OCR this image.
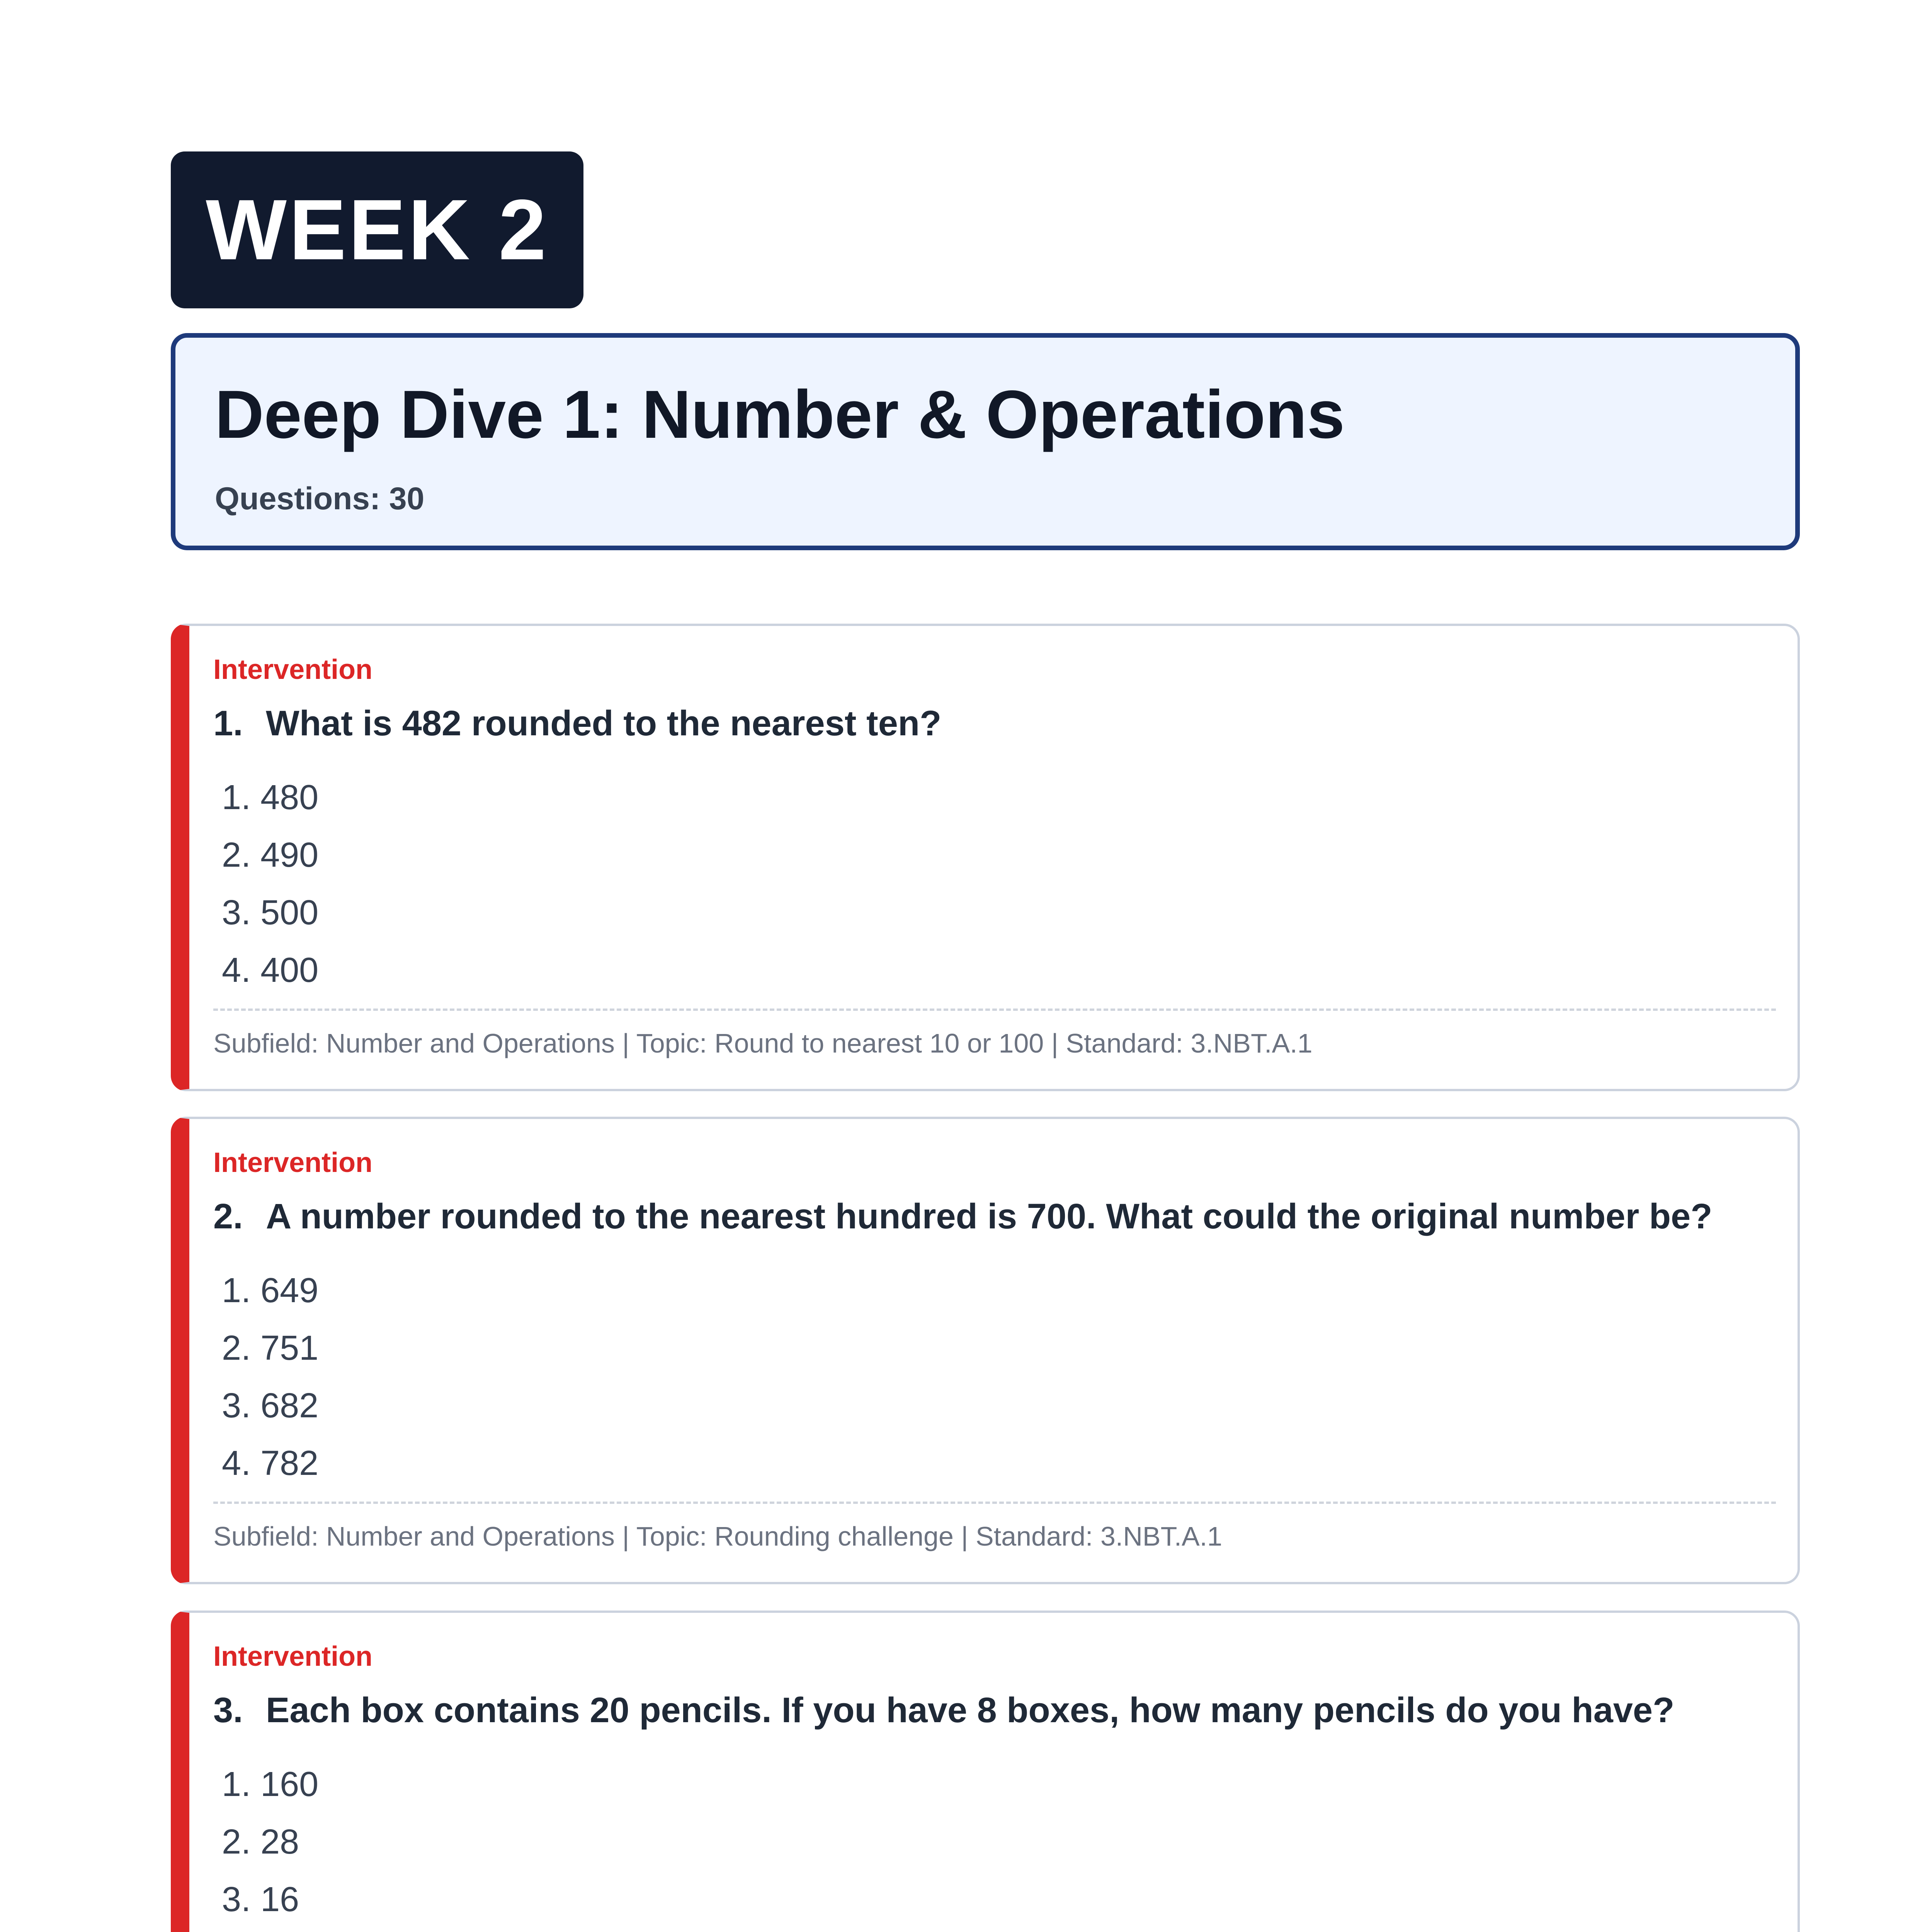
WEEK 2
Deep Dive 1: Number & Operations
Questions: 30
Intervention
1. What is 482 rounded to the nearest ten?
1. 480
2. 490
3. 500
4. 400
Subfield: Number and Operations | Topic: Round to nearest 10 or 100 | Standard: 3.NBT.A.1
Intervention
2. A number rounded to the nearest hundred is 700. What could the original number be?
1. 649
2. 751
3. 682
4. 782
Subfield: Number and Operations | Topic: Rounding challenge | Standard: 3.NBT.A.1
Intervention
3. Each box contains 20 pencils. If you have 8 boxes, how many pencils do you have?
1. 160
2. 28
3. 16
